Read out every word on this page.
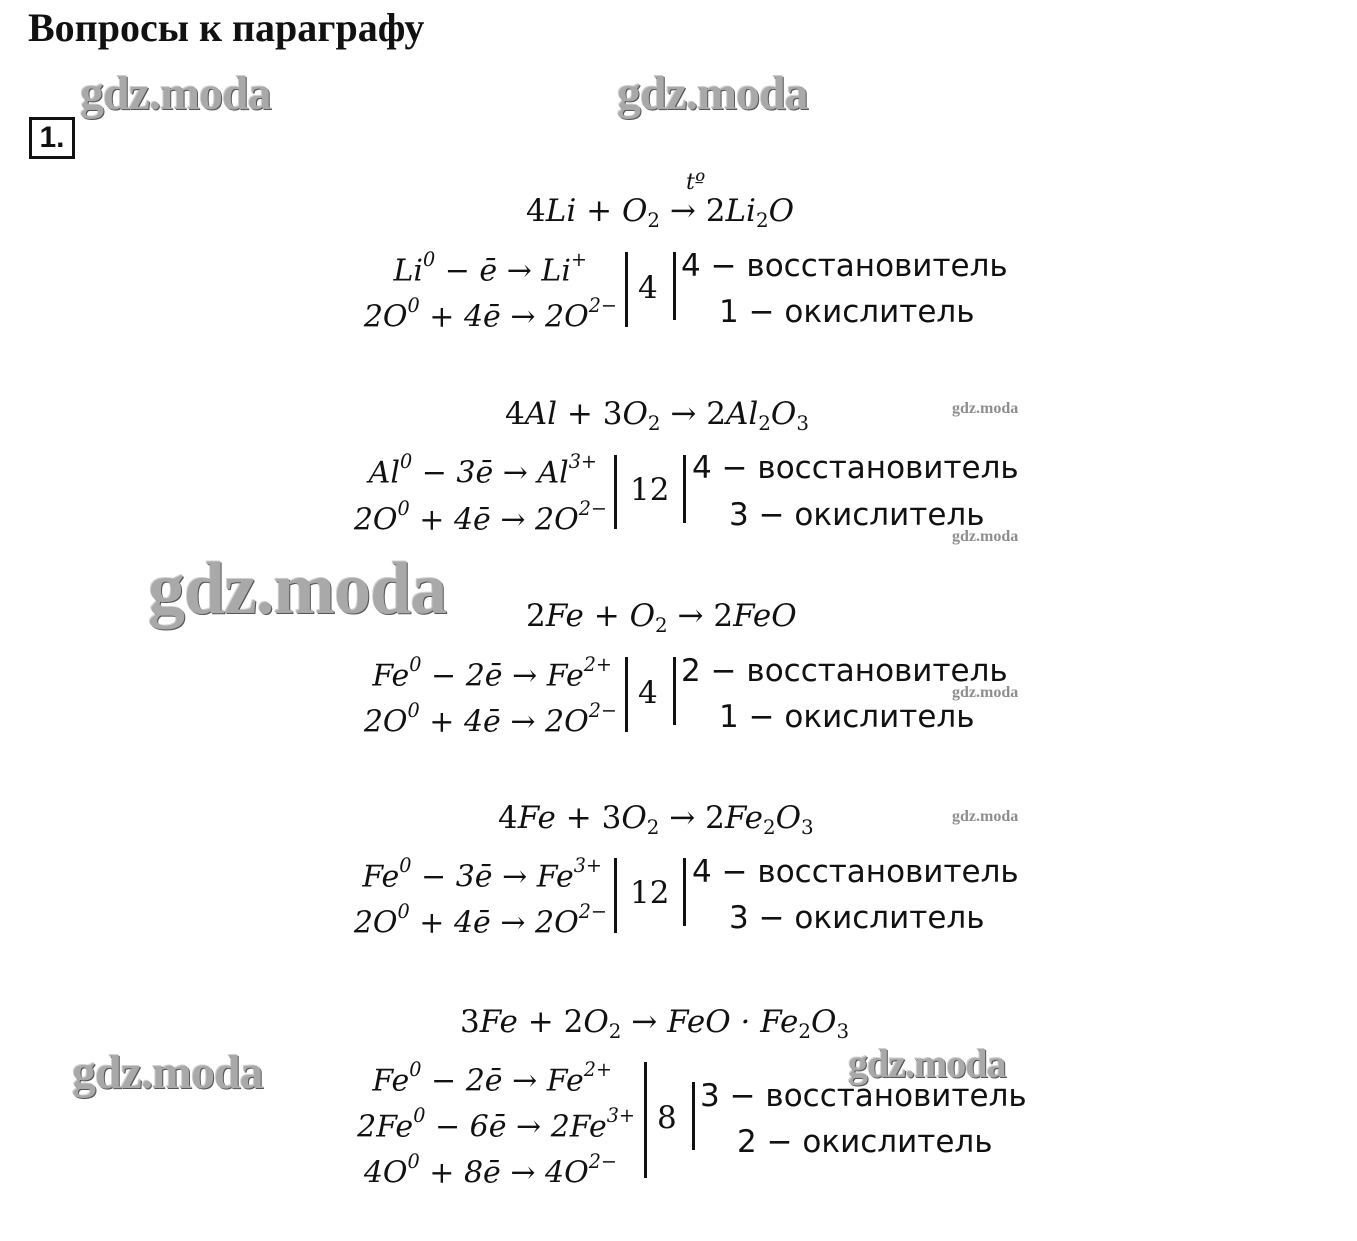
Вопросы к параграфу
gdz.moda	gdz.moda
gdz.moda
gdz.moda	gdz.moda
gdz.moda
gdz.moda
gdz.moda
gdz.moda
1.
tº
$4Li + O_2 \to 2Li_2O$
$Li^0$ − ē → Li+
$2O^0$ + 4ē → $2O^{2-}$ 4
4 − восстановитель
1 − окислитель
$4Al + 3O_2 \to 2Al_2O_3$
$Al^0$ − 3ē → $Al^{3+}$
$2O^0$ + 4ē → $2O^{2-}$
12
4 − восстановитель
3 − окислитель
$2Fe + O_2 \to 2FeO$
$Fe^0$ − 2ē → $Fe^{2+}$
$2O^0$ + 4ē → $2O^{2-}$ 4
2 − восстановитель
1 − окислитель
$4Fe + 3O_2 \to 2Fe_2O_3$
$Fe^0$ − 3ē → $Fe^{3+}$
$2O^0$ + 4ē → $2O^{2-}$
12
4 − восстановитель
3 − окислитель
$3Fe + 2O_2$ → FeO · $Fe_2O_3$
$Fe^0$ − 2ē → $Fe^{2+}$
$2Fe^0$ − 6ē → $2Fe^{3+}$
$4O^0$ + 8ē → $4O^{2-}$
8
3 − восстановитель
2 − окислитель
